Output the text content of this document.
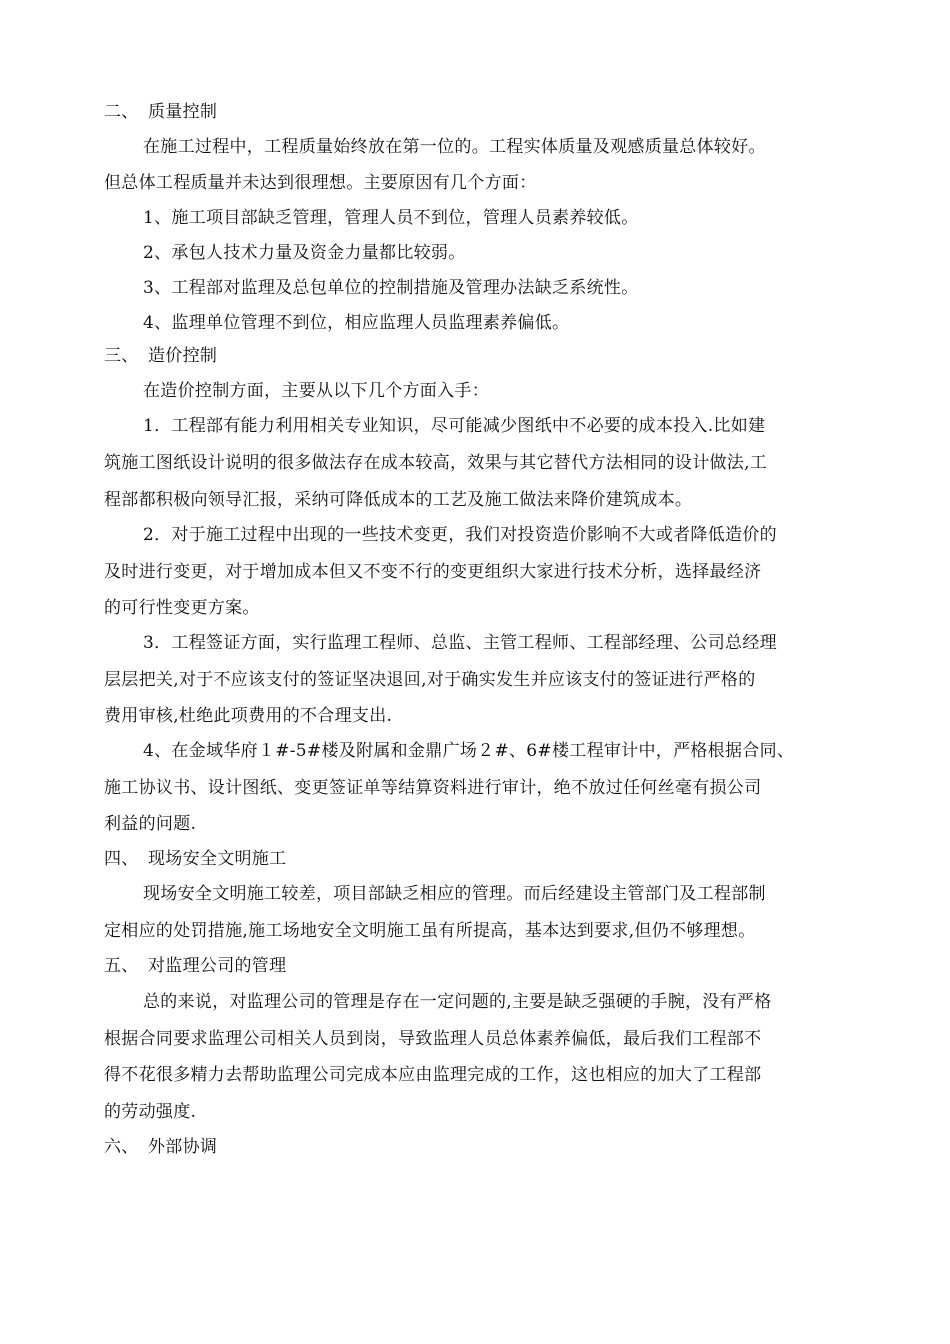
二、 质量控制
在施工过程中，工程质量始终放在第一位的。工程实体质量及观感质量总体较好。
但总体工程质量并未达到很理想。主要原因有几个方面：
1、施工项目部缺乏管理，管理人员不到位，管理人员素养较低。
2、承包人技术力量及资金力量都比较弱。
3、工程部对监理及总包单位的控制措施及管理办法缺乏系统性。
4、监理单位管理不到位，相应监理人员监理素养偏低。
三、 造价控制
在造价控制方面，主要从以下几个方面入手：
1．工程部有能力利用相关专业知识，尽可能减少图纸中不必要的成本投入.比如建
筑施工图纸设计说明的很多做法存在成本较高，效果与其它替代方法相同的设计做法,工
程部都积极向领导汇报，采纳可降低成本的工艺及施工做法来降价建筑成本。
2．对于施工过程中出现的一些技术变更，我们对投资造价影响不大或者降低造价的
及时进行变更，对于增加成本但又不变不行的变更组织大家进行技术分析，选择最经济
的可行性变更方案。
3．工程签证方面，实行监理工程师、总监、主管工程师、工程部经理、公司总经理
层层把关,对于不应该支付的签证坚决退回,对于确实发生并应该支付的签证进行严格的
费用审核,杜绝此项费用的不合理支出.
4、在金域华府１#-5#楼及附属和金鼎广场２#、6#楼工程审计中，严格根据合同、
施工协议书、设计图纸、变更签证单等结算资料进行审计，绝不放过任何丝毫有损公司
利益的问题.
四、 现场安全文明施工
现场安全文明施工较差，项目部缺乏相应的管理。而后经建设主管部门及工程部制
定相应的处罚措施,施工场地安全文明施工虽有所提高，基本达到要求,但仍不够理想。
五、 对监理公司的管理
总的来说，对监理公司的管理是存在一定问题的,主要是缺乏强硬的手腕，没有严格
根据合同要求监理公司相关人员到岗，导致监理人员总体素养偏低，最后我们工程部不
得不花很多精力去帮助监理公司完成本应由监理完成的工作，这也相应的加大了工程部
的劳动强度.
六、 外部协调
